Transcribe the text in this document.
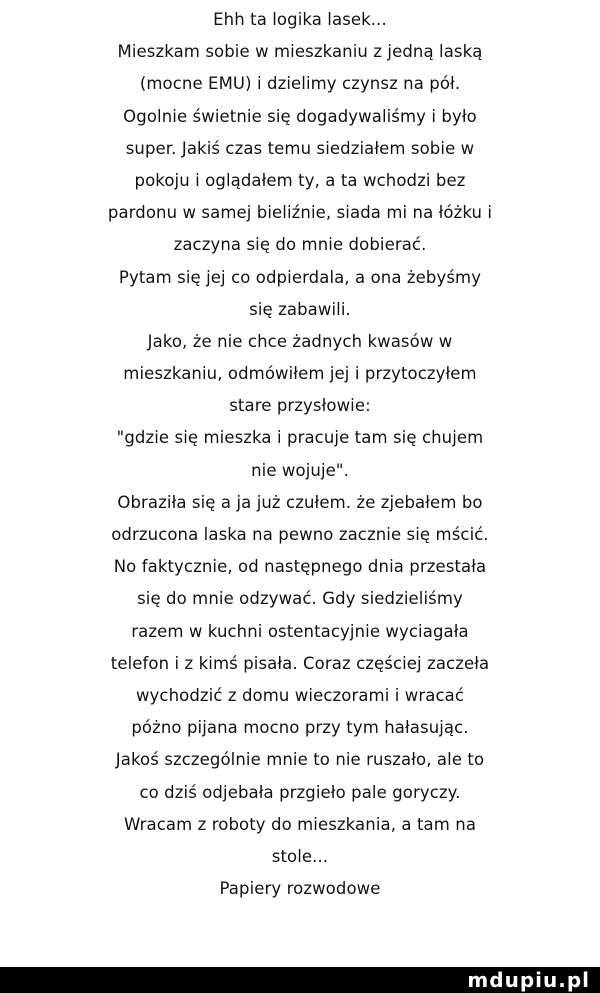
Ehh ta logika lasek...
Mieszkam sobie w mieszkaniu z jedną laską
(mocne EMU) i dzielimy czynsz na pół.
Ogolnie świetnie się dogadywaliśmy i było
super. Jakiś czas temu siedziałem sobie w
pokoju i oglądałem ty, a ta wchodzi bez
pardonu w samej bieliźnie, siada mi na łóżku i
zaczyna się do mnie dobierać.
Pytam się jej co odpierdala, a ona żebyśmy
się zabawili.
Jako, że nie chce żadnych kwasów w
mieszkaniu, odmówiłem jej i przytoczyłem
stare przysłowie:
"gdzie się mieszka i pracuje tam się chujem
nie wojuje".
Obraziła się a ja już czułem. że zjebałem bo
odrzucona laska na pewno zacznie się mścić.
No faktycznie, od następnego dnia przestała
się do mnie odzywać. Gdy siedzieliśmy
razem w kuchni ostentacyjnie wyciagała
telefon i z kimś pisała. Coraz częściej zaczeła
wychodzić z domu wieczorami i wracać
póżno pijana mocno przy tym hałasując.
Jakoś szczególnie mnie to nie ruszało, ale to
co dziś odjebała przgieło pale goryczy.
Wracam z roboty do mieszkania, a tam na
stole...
Papiery rozwodowe
mdupiu.pl
